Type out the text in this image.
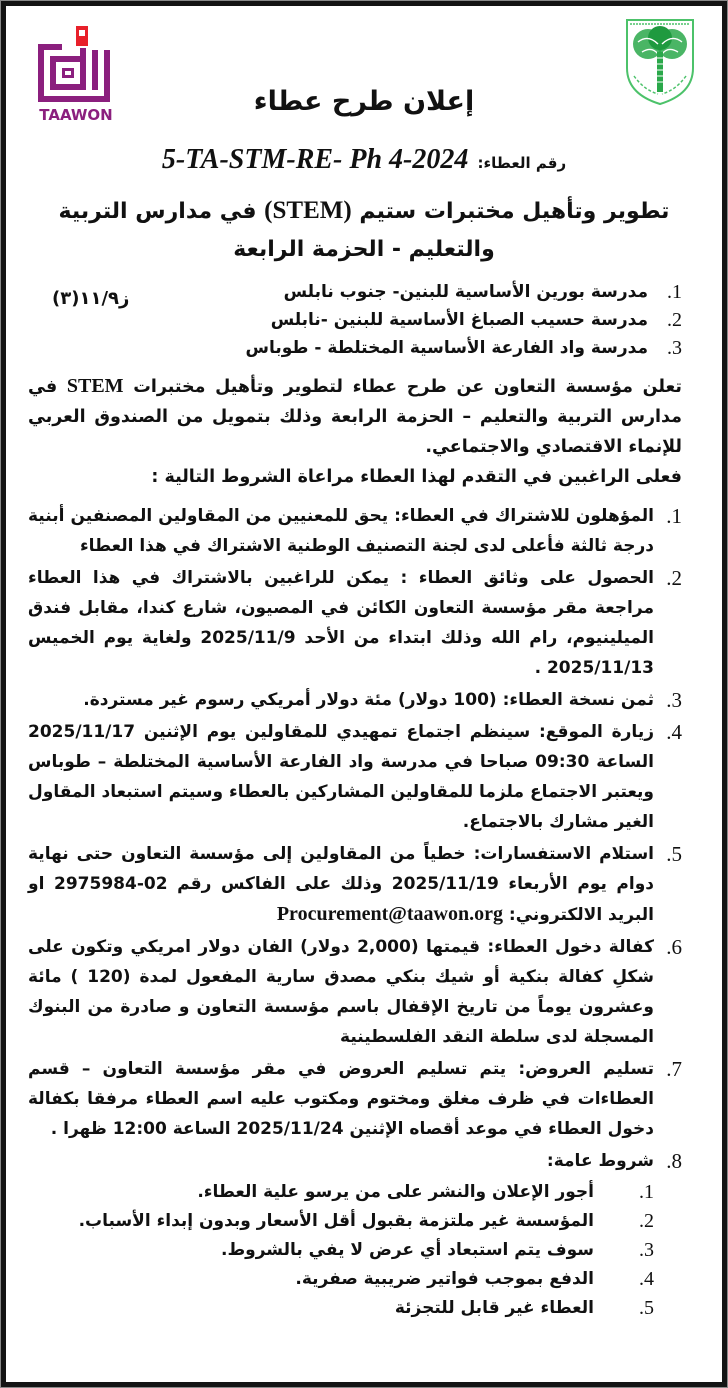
TAAWON	إعلان طرح عطاء
رقم العطاء: 5-TA-STM-RE- Ph 4-2024
تطوير وتأهيل مختبرات ستيم (STEM) في مدارس التربية
والتعليم - الحزمة الرابعة
1.
مدرسة بورين الأساسية للبنين- جنوب نابلس
2.
مدرسة حسيب الصباغ الأساسية للبنين -نابلس
3.
مدرسة واد الفارعة الأساسية المختلطة - طوباس
ز١١/٩(٣)

تعلن مؤسسة التعاون عن طرح عطاء لتطوير وتأهيل مختبرات STEM في مدارس التربية والتعليم – الحزمة الرابعة وذلك بتمويل من الصندوق العربي للإنماء الاقتصادي والاجتماعي.

فعلى الراغبين في التقدم لهذا العطاء مراعاة الشروط التالية :

1.
المؤهلون للاشتراك في العطاء: يحق للمعنيين من المقاولين المصنفين أبنية درجة ثالثة فأعلى لدى لجنة التصنيف الوطنية الاشتراك في هذا العطاء
2.
الحصول على وثائق العطاء : يمكن للراغبين بالاشتراك في هذا العطاء مراجعة مقر مؤسسة التعاون الكائن في المصيون، شارع كندا، مقابل فندق الميلينيوم، رام الله وذلك ابتداء من الأحد 2025/11/9 ولغاية يوم الخميس 2025/11/13 .
3.
ثمن نسخة العطاء: (100 دولار) مئة دولار أمريكي رسوم غير مستردة.
4.
زيارة الموقع: سينظم اجتماع تمهيدي للمقاولين يوم الإثنين 2025/11/17 الساعة 09:30 صباحا في مدرسة واد الفارعة الأساسية المختلطة – طوباس ويعتبر الاجتماع ملزما للمقاولين المشاركين بالعطاء وسيتم استبعاد المقاول الغير مشارك بالاجتماع.
5.
استلام الاستفسارات: خطياً من المقاولين إلى مؤسسة التعاون حتى نهاية دوام يوم الأربعاء 2025/11/19 وذلك على الفاكس رقم 02-2975984 او البريد الالكتروني: Procurement@taawon.org
6.
كفالة دخول العطاء: قيمتها (2,000 دولار) الفان دولار امريكي وتكون على شكلِ كفالة بنكية أو شيك بنكي مصدق سارية المفعول لمدة (120 ) مائة وعشرون يوماً من تاريخ الإقفال باسم مؤسسة التعاون و صادرة من البنوك المسجلة لدى سلطة النقد الفلسطينية
7.
تسليم العروض: يتم تسليم العروض في مقر مؤسسة التعاون – قسم العطاءات في ظرف مغلق ومختوم ومكتوب عليه اسم العطاء مرفقا بكفالة دخول العطاء في موعد أقصاه الإثنين 2025/11/24 الساعة 12:00 ظهرا .
8.
شروط عامة:
1.
أجور الإعلان والنشر على من يرسو علية العطاء.
2.
المؤسسة غير ملتزمة بقبول أقل الأسعار وبدون إبداء الأسباب.
3.
سوف يتم استبعاد أي عرض لا يفي بالشروط.
4.
الدفع بموجب فواتير ضريبية صفرية.
5.
العطاء غير قابل للتجزئة
